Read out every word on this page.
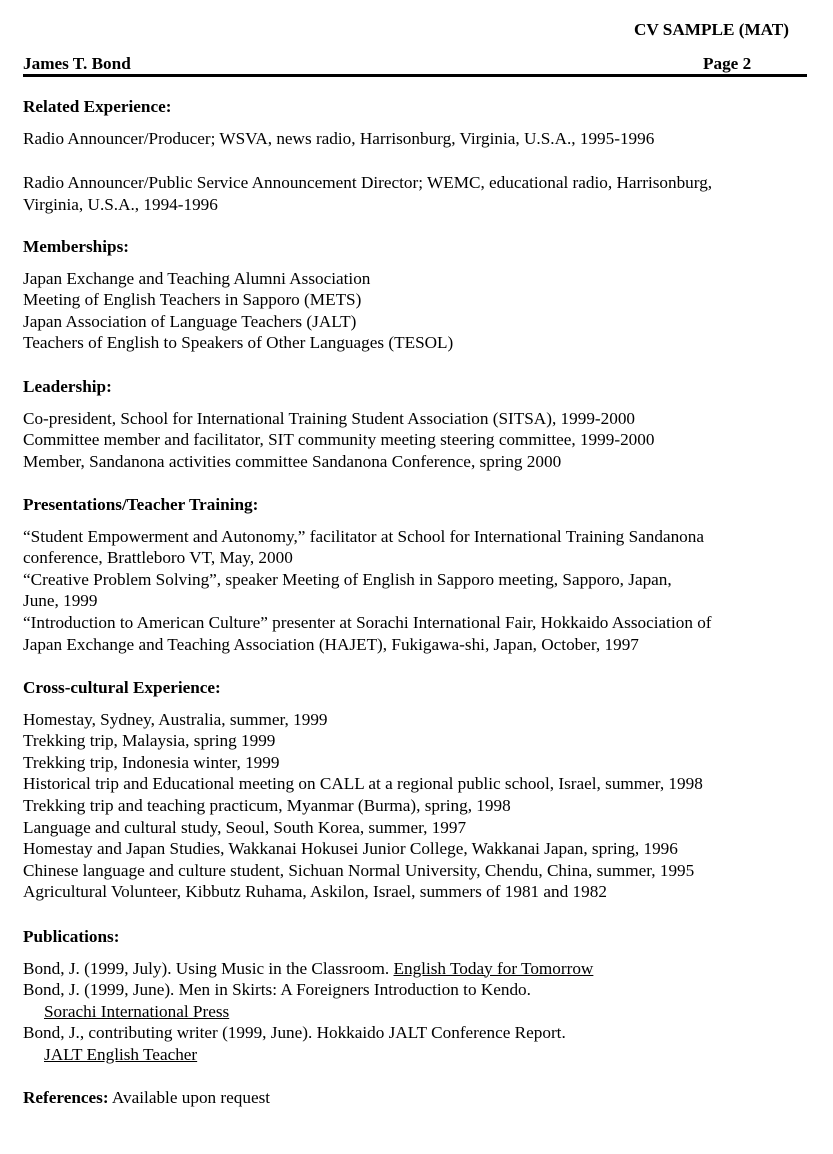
CV SAMPLE (MAT)

James T. Bond	Page 2

Related Experience:

Radio Announcer/Producer; WSVA, news radio, Harrisonburg, Virginia, U.S.A., 1995-1996

Radio Announcer/Public Service Announcement Director; WEMC, educational radio, Harrisonburg,

Virginia, U.S.A., 1994-1996

Memberships:

Japan Exchange and Teaching Alumni Association

Meeting of English Teachers in Sapporo (METS)

Japan Association of Language Teachers (JALT)

Teachers of English to Speakers of Other Languages (TESOL)

Leadership:

Co-president, School for International Training Student Association (SITSA), 1999-2000

Committee member and facilitator, SIT community meeting steering committee, 1999-2000

Member, Sandanona activities committee Sandanona Conference, spring 2000

Presentations/Teacher Training:

“Student Empowerment and Autonomy,” facilitator at School for International Training Sandanona

conference, Brattleboro VT, May, 2000

“Creative Problem Solving”, speaker Meeting of English in Sapporo meeting, Sapporo, Japan,

June, 1999

“Introduction to American Culture” presenter at Sorachi International Fair, Hokkaido Association of

Japan Exchange and Teaching Association (HAJET), Fukigawa-shi, Japan, October, 1997

Cross-cultural Experience:

Homestay, Sydney, Australia, summer, 1999

Trekking trip, Malaysia, spring 1999

Trekking trip, Indonesia winter, 1999

Historical trip and Educational meeting on CALL at a regional public school, Israel, summer, 1998

Trekking trip and teaching practicum, Myanmar (Burma), spring, 1998

Language and cultural study, Seoul, South Korea, summer, 1997

Homestay and Japan Studies, Wakkanai Hokusei Junior College, Wakkanai Japan, spring, 1996

Chinese language and culture student, Sichuan Normal University, Chendu, China, summer, 1995

Agricultural Volunteer, Kibbutz Ruhama, Askilon, Israel, summers of 1981 and 1982

Publications:

Bond, J. (1999, July). Using Music in the Classroom. English Today for Tomorrow

Bond, J. (1999, June). Men in Skirts: A Foreigners Introduction to Kendo.

Sorachi International Press

Bond, J., contributing writer (1999, June). Hokkaido JALT Conference Report.

JALT English Teacher

References: Available upon request
